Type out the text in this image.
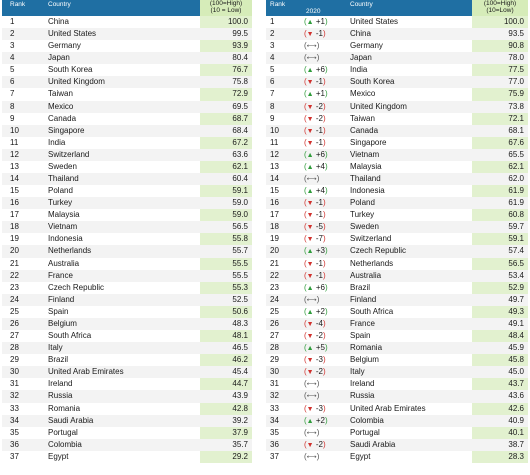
Rank	Country	(100=High)
(10 = Low)
1	China	100.0
2	United States	99.5
3	Germany	93.9
4	Japan	80.4
5	South Korea	76.7
6	United Kingdom	75.8
7	Taiwan	72.9
8	Mexico	69.5
9	Canada	68.7
10	Singapore	68.4
11	India	67.2
12	Switzerland	63.6
13	Sweden	62.1
14	Thailand	60.4
15	Poland	59.1
16	Turkey	59.0
17	Malaysia	59.0
18	Vietnam	56.5
19	Indonesia	55.8
20	Netherlands	55.7
21	Australia	55.5
22	France	55.5
23	Czech Republic	55.3
24	Finland	52.5
25	Spain	50.6
26	Belgium	48.3
27	South Africa	48.1
28	Italy	46.5
29	Brazil	46.2
30	United Arab Emirates	45.4
31	Ireland	44.7
32	Russia	43.9
33	Romania	42.8
34	Saudi Arabia	39.2
35	Portugal	37.9
36	Colombia	35.7
37	Egypt	29.2
Rank
2020
Country	(100=High)
(10=Low)
1	(▲ +1)	United States	100.0
2	(▼ -1)	China	93.5
3	(⟷)	Germany	90.8
4	(⟷)	Japan	78.0
5	(▲ +6)	India	77.5
6	(▼ -1)	South Korea	77.0
7	(▲ +1)	Mexico	75.9
8	(▼ -2)	United Kingdom	73.8
9	(▼ -2)	Taiwan	72.1
10	(▼ -1)	Canada	68.1
11	(▼ -1)	Singapore	67.6
12	(▲ +6)	Vietnam	65.5
13	(▲ +4)	Malaysia	62.1
14	(⟷)	Thailand	62.0
15	(▲ +4)	Indonesia	61.9
16	(▼ -1)	Poland	61.9
17	(▼ -1)	Turkey	60.8
18	(▼ -5)	Sweden	59.7
19	(▼ -7)	Switzerland	59.1
20	(▲ +3)	Czech Republic	57.4
21	(▼ -1)	Netherlands	56.5
22	(▼ -1)	Australia	53.4
23	(▲ +6)	Brazil	52.9
24	(⟷)	Finland	49.7
25	(▲ +2)	South Africa	49.3
26	(▼ -4)	France	49.1
27	(▼ -2)	Spain	48.4
28	(▲ +5)	Romania	45.9
29	(▼ -3)	Belgium	45.8
30	(▼ -2)	Italy	45.0
31	(⟷)	Ireland	43.7
32	(⟷)	Russia	43.6
33	(▼ -3)	United Arab Emirates	42.6
34	(▲ +2)	Colombia	40.9
35	(⟷)	Portugal	40.1
36	(▼ -2)	Saudi Arabia	38.7
37	(⟷)	Egypt	28.3
